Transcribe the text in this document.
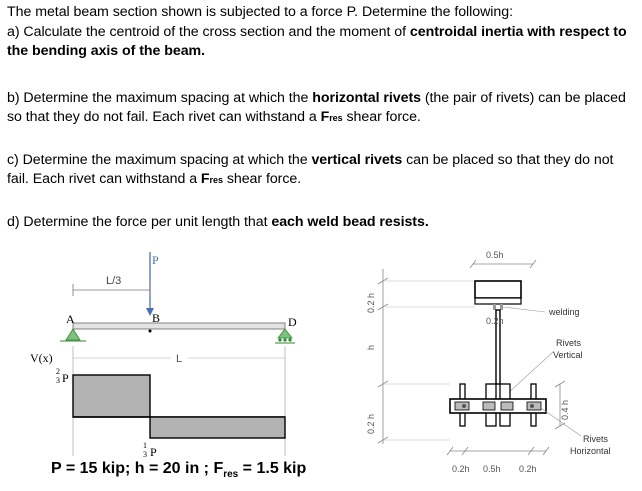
The metal beam section shown is subjected to a force P. Determine the following:
a) Calculate the centroid of the cross section and the moment of centroidal inertia with respect to the bending axis of the beam.
b) Determine the maximum spacing at which the horizontal rivets (the pair of rivets) can be placed so that they do not fail. Each rivet can withstand a Fres shear force.
c) Determine the maximum spacing at which the vertical rivets can be placed so that they do not fail. Each rivet can withstand a Fres shear force.
d) Determine the force per unit length that each weld bead resists.
P
L/3
A	B	D
V(x)	L
2
3 P
1
3 P
0.5h
0.2 h
h
0.2 h
0.2h
welding
Rivets
Vertical
0.4 h
Rivets
Horizontal
0.2h 0.5h 0.2h
P = 15 kip; h = 20 in ; $F_{res} = 1.5$ kip
